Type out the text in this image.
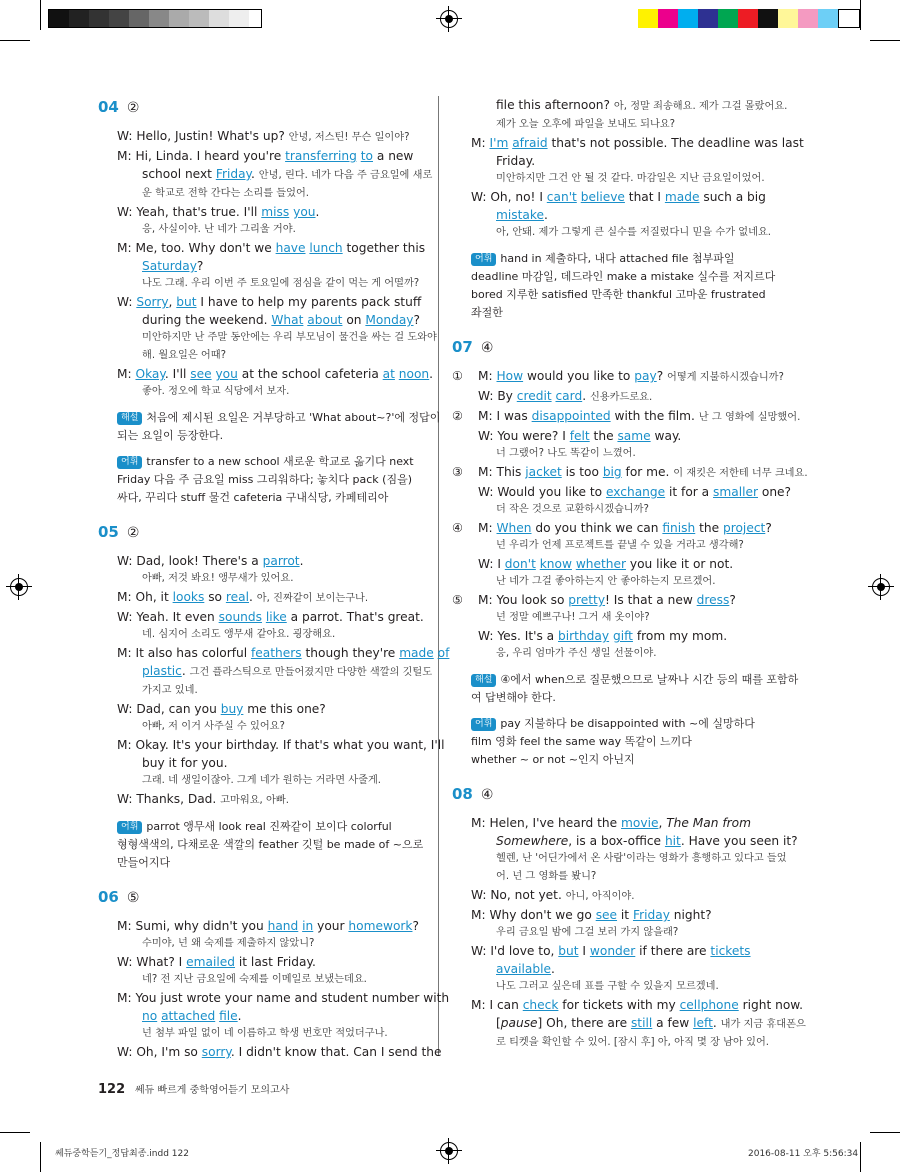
04 ②
W: Hello, Justin! What's up? 안녕, 저스틴! 무슨 일이야?
M: Hi, Linda. I heard you're transferring to a new
school next Friday. 안녕, 린다. 네가 다음 주 금요일에 새로
운 학교로 전학 간다는 소리를 들었어.
W: Yeah, that's true. I'll miss you.
응, 사실이야. 난 네가 그리울 거야.
M: Me, too. Why don't we have lunch together this
Saturday?
나도 그래. 우리 이번 주 토요일에 점심을 같이 먹는 게 어떨까?
W: Sorry, but I have to help my parents pack stuff
during the weekend. What about on Monday?
미안하지만 난 주말 동안에는 우리 부모님이 물건을 싸는 걸 도와야
해. 월요일은 어때?
M: Okay. I'll see you at the school cafeteria at noon.
좋아. 정오에 학교 식당에서 보자.
해설 처음에 제시된 요일은 거부당하고 'What about~?'에 정답이
되는 요일이 등장한다.
어휘 transfer to a new school 새로운 학교로 옮기다 next
Friday 다음 주 금요일 miss 그리워하다; 놓치다 pack (짐을)
싸다, 꾸리다 stuff 물건 cafeteria 구내식당, 카페테리아
05 ②
W: Dad, look! There's a parrot.
아빠, 저것 봐요! 앵무새가 있어요.
M: Oh, it looks so real. 아, 진짜같이 보이는구나.
W: Yeah. It even sounds like a parrot. That's great.
네. 심지어 소리도 앵무새 같아요. 굉장해요.
M: It also has colorful feathers though they're made of
plastic. 그건 플라스틱으로 만들어졌지만 다양한 색깔의 깃털도
가지고 있네.
W: Dad, can you buy me this one?
아빠, 저 이거 사주실 수 있어요?
M: Okay. It's your birthday. If that's what you want, I'll
buy it for you.
그래. 네 생일이잖아. 그게 네가 원하는 거라면 사줄게.
W: Thanks, Dad. 고마워요, 아빠.
어휘 parrot 앵무새 look real 진짜같이 보이다 colorful
형형색색의, 다채로운 색깔의 feather 깃털 be made of ~으로
만들어지다
06 ⑤
M: Sumi, why didn't you hand in your homework?
수미야, 넌 왜 숙제를 제출하지 않았니?
W: What? I emailed it last Friday.
네? 전 지난 금요일에 숙제를 이메일로 보냈는데요.
M: You just wrote your name and student number with
no attached file.
넌 첨부 파일 없이 네 이름하고 학생 번호만 적었더구나.
W: Oh, I'm so sorry. I didn't know that. Can I send the
file this afternoon? 아, 정말 죄송해요. 제가 그걸 몰랐어요.
제가 오늘 오후에 파일을 보내도 되나요?
M: I'm afraid that's not possible. The deadline was last
Friday.
미안하지만 그건 안 될 것 같다. 마감일은 지난 금요일이었어.
W: Oh, no! I can't believe that I made such a big
mistake.
아, 안돼. 제가 그렇게 큰 실수를 저질렀다니 믿을 수가 없네요.
어휘 hand in 제출하다, 내다 attached file 첨부파일
deadline 마감일, 데드라인 make a mistake 실수를 저지르다
bored 지루한 satisfied 만족한 thankful 고마운 frustrated
좌절한
07 ④
① M: How would you like to pay? 어떻게 지불하시겠습니까?
W: By credit card. 신용카드로요.
② M: I was disappointed with the film. 난 그 영화에 실망했어.
W: You were? I felt the same way.
너 그랬어? 나도 똑같이 느꼈어.
③ M: This jacket is too big for me. 이 재킷은 저한테 너무 크네요.
W: Would you like to exchange it for a smaller one?
더 작은 것으로 교환하시겠습니까?
④ M: When do you think we can finish the project?
넌 우리가 언제 프로젝트를 끝낼 수 있을 거라고 생각해?
W: I don't know whether you like it or not.
난 네가 그걸 좋아하는지 안 좋아하는지 모르겠어.
⑤ M: You look so pretty! Is that a new dress?
넌 정말 예쁘구나! 그거 새 옷이야?
W: Yes. It's a birthday gift from my mom.
응, 우리 엄마가 주신 생일 선물이야.
해설 ④에서 when으로 질문했으므로 날짜나 시간 등의 때를 포함하
여 답변해야 한다.
어휘 pay 지불하다 be disappointed with ~에 실망하다
film 영화 feel the same way 똑같이 느끼다
whether ~ or not ~인지 아닌지
08 ④
M: Helen, I've heard the movie, The Man from
Somewhere, is a box-office hit. Have you seen it?
헬렌, 난 '어딘가에서 온 사람'이라는 영화가 흥행하고 있다고 들었
어. 넌 그 영화를 봤니?
W: No, not yet. 아니, 아직이야.
M: Why don't we go see it Friday night?
우리 금요일 밤에 그걸 보러 가지 않을래?
W: I'd love to, but I wonder if there are tickets
available.
나도 그러고 싶은데 표를 구할 수 있을지 모르겠네.
M: I can check for tickets with my cellphone right now.
[pause] Oh, there are still a few left. 내가 지금 휴대폰으
로 티켓을 확인할 수 있어. [잠시 후] 아, 아직 몇 장 남아 있어.
122 쎄듀 빠르게 중학영어듣기 모의고사
쎄듀중학듣기_정답최종.indd 122	2016-08-11 오후 5:56:34
